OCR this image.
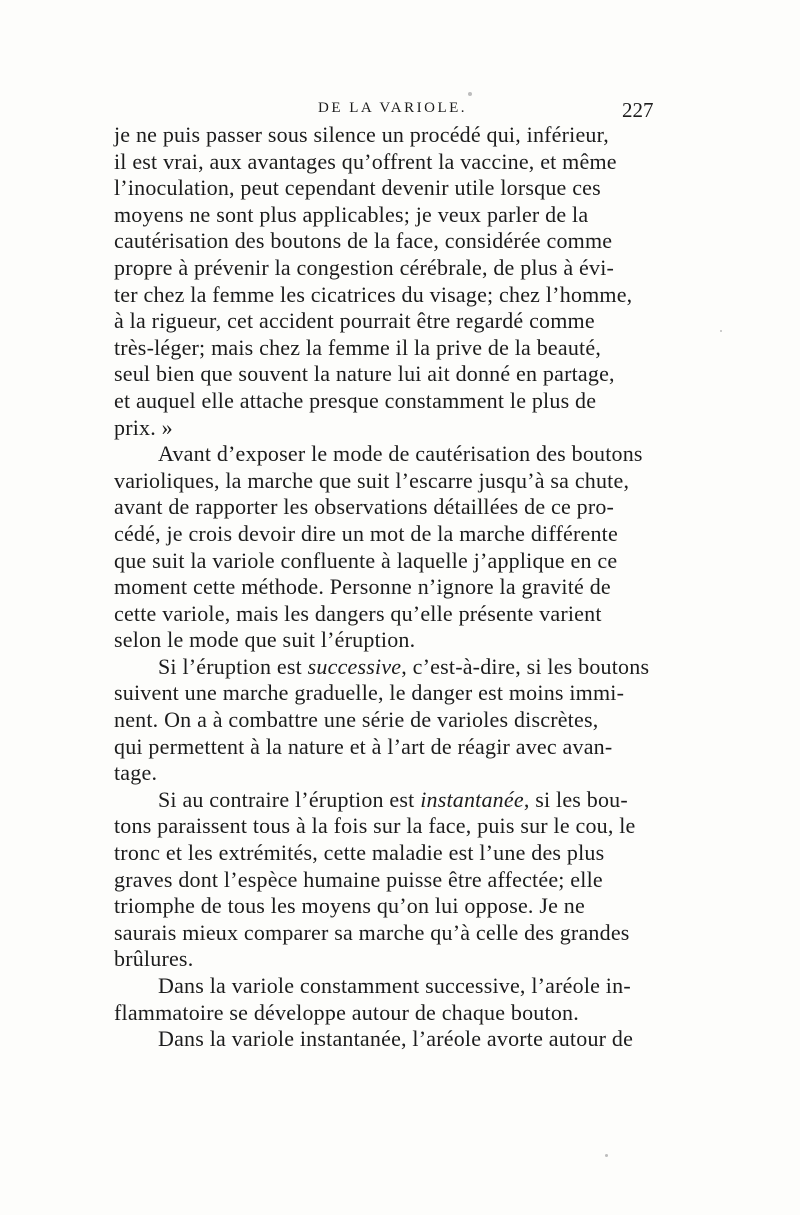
DE LA VARIOLE.	227
je ne puis passer sous silence un procédé qui, inférieur,
il est vrai, aux avantages qu’offrent la vaccine, et même
l’inoculation, peut cependant devenir utile lorsque ces
moyens ne sont plus applicables; je veux parler de la
cautérisation des boutons de la face, considérée comme
propre à prévenir la congestion cérébrale, de plus à évi-
ter chez la femme les cicatrices du visage; chez l’homme,
à la rigueur, cet accident pourrait être regardé comme
très-léger; mais chez la femme il la prive de la beauté,
seul bien que souvent la nature lui ait donné en partage,
et auquel elle attache presque constamment le plus de
prix. »
Avant d’exposer le mode de cautérisation des boutons
varioliques, la marche que suit l’escarre jusqu’à sa chute,
avant de rapporter les observations détaillées de ce pro-
cédé, je crois devoir dire un mot de la marche différente
que suit la variole confluente à laquelle j’applique en ce
moment cette méthode. Personne n’ignore la gravité de
cette variole, mais les dangers qu’elle présente varient
selon le mode que suit l’éruption.
Si l’éruption est successive, c’est-à-dire, si les boutons
suivent une marche graduelle, le danger est moins immi-
nent. On a à combattre une série de varioles discrètes,
qui permettent à la nature et à l’art de réagir avec avan-
tage.
Si au contraire l’éruption est instantanée, si les bou-
tons paraissent tous à la fois sur la face, puis sur le cou, le
tronc et les extrémités, cette maladie est l’une des plus
graves dont l’espèce humaine puisse être affectée; elle
triomphe de tous les moyens qu’on lui oppose. Je ne
saurais mieux comparer sa marche qu’à celle des grandes
brûlures.
Dans la variole constamment successive, l’aréole in-
flammatoire se développe autour de chaque bouton.
Dans la variole instantanée, l’aréole avorte autour de
